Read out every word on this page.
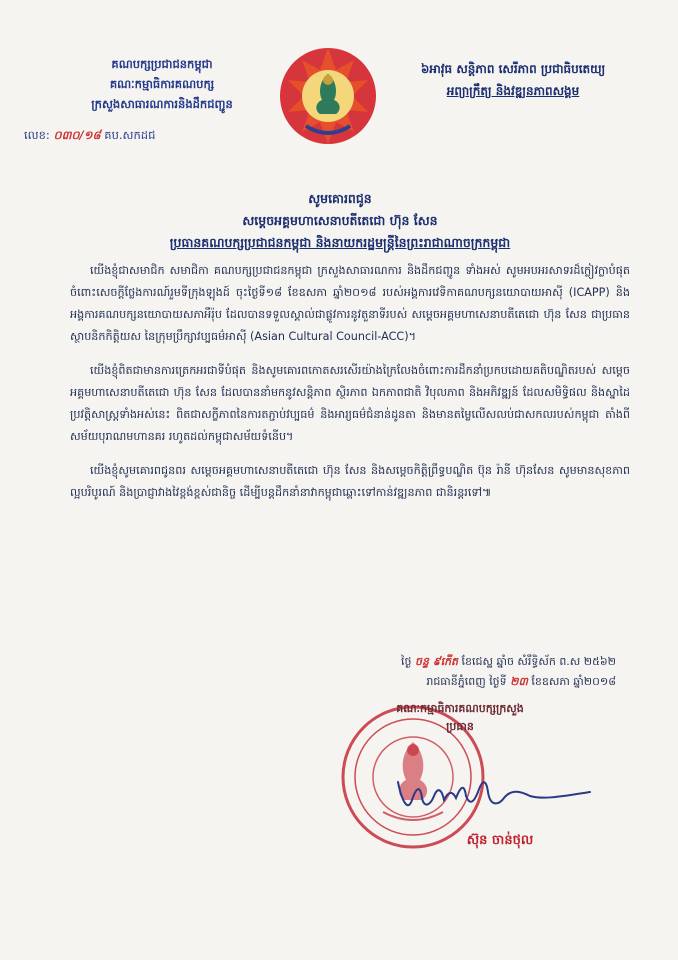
គណបក្សប្រជាជនកម្ពុជា
គណៈកម្មាធិការគណបក្ស
ក្រសួងសាធារណការនិងដឹកជញ្ជូន
លេខ: ០៣០/១៨ គប.សកដជ
៦អាវុធ សន្តិភាព សេរីភាព ប្រជាធិបតេយ្យ
អព្យាក្រឹត្យ និងវឌ្ឍនភាពសង្គម
សូមគោរពជូន
សម្តេចអគ្គមហាសេនាបតីតេជោ ហ៊ុន សែន
ប្រធានគណបក្សប្រជាជនកម្ពុជា និងនាយករដ្ឋមន្ត្រីនៃព្រះរាជាណាចក្រកម្ពុជា

យើងខ្ញុំជាសមាជិក សមាជិកា គណបក្សប្រជាជនកម្ពុជា ក្រសួងសាធារណការ និងដឹកជញ្ជូន ទាំងអស់ សូមអបអរសាទរដ៏ក្លៀវក្លាបំផុត ចំពោះសេចក្តីថ្លែងការណ៍រួមទីក្រុងឡុងដ៍ ចុះថ្ងៃទី១៨ ខែឧសភា ឆ្នាំ២០១៨ របស់អង្គការវេទិកាគណបក្សនយោបាយអាស៊ី (ICAPP) និងអង្គការគណបក្សនយោបាយសភាអឺរ៉ុប ដែលបានទទួលស្គាល់ជាផ្លូវការនូវតួនាទីរបស់ សម្តេចអគ្គមហាសេនាបតីតេជោ ហ៊ុន សែន ជាប្រធានស្ថាបនិកកិត្តិយស នៃក្រុមប្រឹក្សាវប្បធម៌អាស៊ី (Asian Cultural Council-ACC)។

យើងខ្ញុំពិតជាមានការត្រេកអរជាទីបំផុត និងសូមគោរពកោតសរសើរយ៉ាងក្រៃលែងចំពោះការដឹកនាំប្រកបដោយគតិបណ្ឌិតរបស់ សម្តេចអគ្គមហាសេនាបតីតេជោ ហ៊ុន សែន ដែលបាននាំមកនូវសន្តិភាព ស្ថិរភាព ឯកភាពជាតិ វិបុលភាព និងអភិវឌ្ឍន៍ ដែលសមិទ្ធិផល និងស្នាដៃប្រវត្តិសាស្ត្រទាំងអស់នេះ ពិតជាសក្ខីភាពនៃការតភ្ជាប់វប្បធម៌ និងអារ្យធម៌ជំនាន់ដូនតា និងមានតម្លៃលើសលប់ជាសកលរបស់កម្ពុជា តាំងពីសម័យបុរាណមហានគរ រហូតដល់កម្ពុជាសម័យទំនើប។

យើងខ្ញុំសូមគោរពជូនពរ សម្តេចអគ្គមហាសេនាបតីតេជោ ហ៊ុន សែន និងសម្តេចកិត្តិព្រឹទ្ធបណ្ឌិត ប៊ុន រ៉ានី ហ៊ុនសែន សូមមានសុខភាពល្អបរិបូរណ៍ និងប្រាជ្ញាវាងវៃខ្ពង់ខ្ពស់ជានិច្ច ដើម្បីបន្តដឹកនាំនាវាកម្ពុជាឆ្ពោះទៅកាន់វឌ្ឍនភាព ជានិរន្តរទៅ៕

ថ្ងៃ ចន្ទ ៩កើត ខែជេស្ឋ ឆ្នាំច សំរឹទ្ធិស័ក ព.ស ២៥៦២
រាជធានីភ្នំពេញ ថ្ងៃទី ២៣ ខែឧសភា ឆ្នាំ២០១៨
គណៈកម្មាធិការគណបក្សក្រសួង
ប្រធាន
ស៊ុន ចាន់ថុល
